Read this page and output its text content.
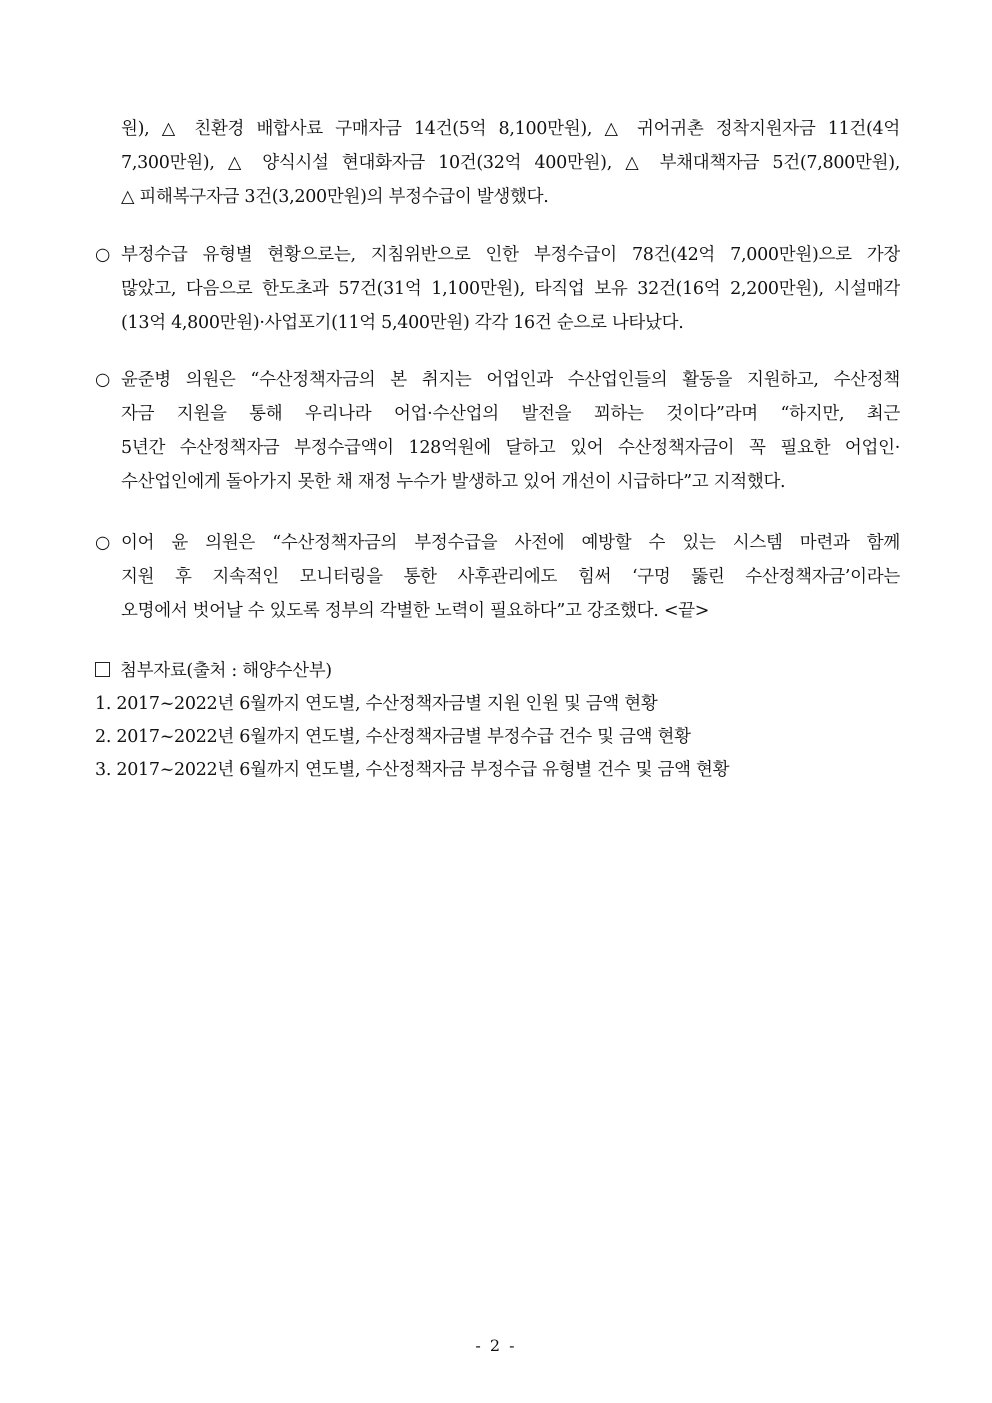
원), △ 친환경 배합사료 구매자금 14건(5억 8,100만원), △ 귀어귀촌 정착지원자금 11건(4억
7,300만원), △ 양식시설 현대화자금 10건(32억 400만원), △ 부채대책자금 5건(7,800만원),
△ 피해복구자금 3건(3,200만원)의 부정수급이 발생했다.
○ 부정수급 유형별 현황으로는, 지침위반으로 인한 부정수급이 78건(42억 7,000만원)으로 가장
많았고, 다음으로 한도초과 57건(31억 1,100만원), 타직업 보유 32건(16억 2,200만원), 시설매각
(13억 4,800만원)·사업포기(11억 5,400만원) 각각 16건 순으로 나타났다.
○ 윤준병 의원은 “수산정책자금의 본 취지는 어업인과 수산업인들의 활동을 지원하고, 수산정책
자금 지원을 통해 우리나라 어업·수산업의 발전을 꾀하는 것이다”라며 “하지만, 최근
5년간 수산정책자금 부정수급액이 128억원에 달하고 있어 수산정책자금이 꼭 필요한 어업인·
수산업인에게 돌아가지 못한 채 재정 누수가 발생하고 있어 개선이 시급하다”고 지적했다.
○ 이어 윤 의원은 “수산정책자금의 부정수급을 사전에 예방할 수 있는 시스템 마련과 함께
지원 후 지속적인 모니터링을 통한 사후관리에도 힘써 ‘구멍 뚫린 수산정책자금’이라는
오명에서 벗어날 수 있도록 정부의 각별한 노력이 필요하다”고 강조했다. <끝>
첨부자료(출처 : 해양수산부)
1. 2017~2022년 6월까지 연도별, 수산정책자금별 지원 인원 및 금액 현황
2. 2017~2022년 6월까지 연도별, 수산정책자금별 부정수급 건수 및 금액 현황
3. 2017~2022년 6월까지 연도별, 수산정책자금 부정수급 유형별 건수 및 금액 현황
- 2 -
